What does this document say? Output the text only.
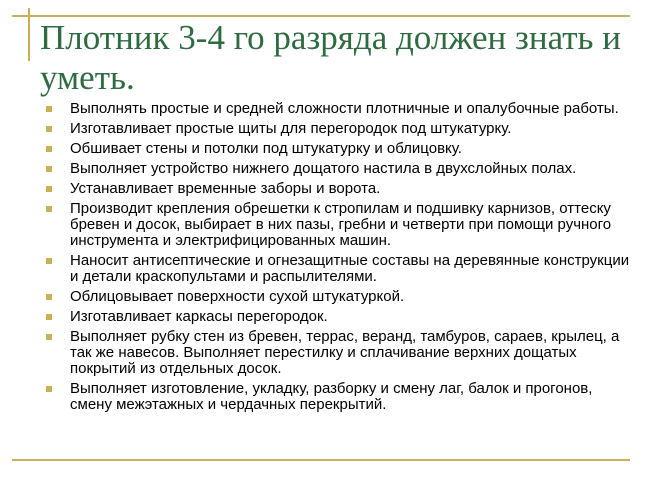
Плотник 3-4 го разряда должен знать и уметь.
Выполнять простые и средней сложности плотничные и опалубочные работы.
Изготавливает простые щиты для перегородок под штукатурку.
Обшивает стены и потолки под штукатурку и облицовку.
Выполняет устройство нижнего дощатого настила в двухслойных полах.
Устанавливает временные заборы и ворота.
Производит крепления обрешетки к стропилам и подшивку карнизов, оттеску бревен и досок, выбирает в них пазы, гребни и четверти при помощи ручного инструмента и электрифицированных машин.
Наносит антисептические и огнезащитные составы на деревянные конструкции и детали краскопультами и распылителями.
Облицовывает поверхности сухой штукатуркой.
Изготавливает каркасы перегородок.
Выполняет рубку стен из бревен, террас, веранд, тамбуров, сараев, крылец, а так же навесов. Выполняет перестилку и сплачивание верхних дощатых покрытий из отдельных досок.
Выполняет изготовление, укладку, разборку и смену лаг, балок и прогонов, смену межэтажных и чердачных перекрытий.
